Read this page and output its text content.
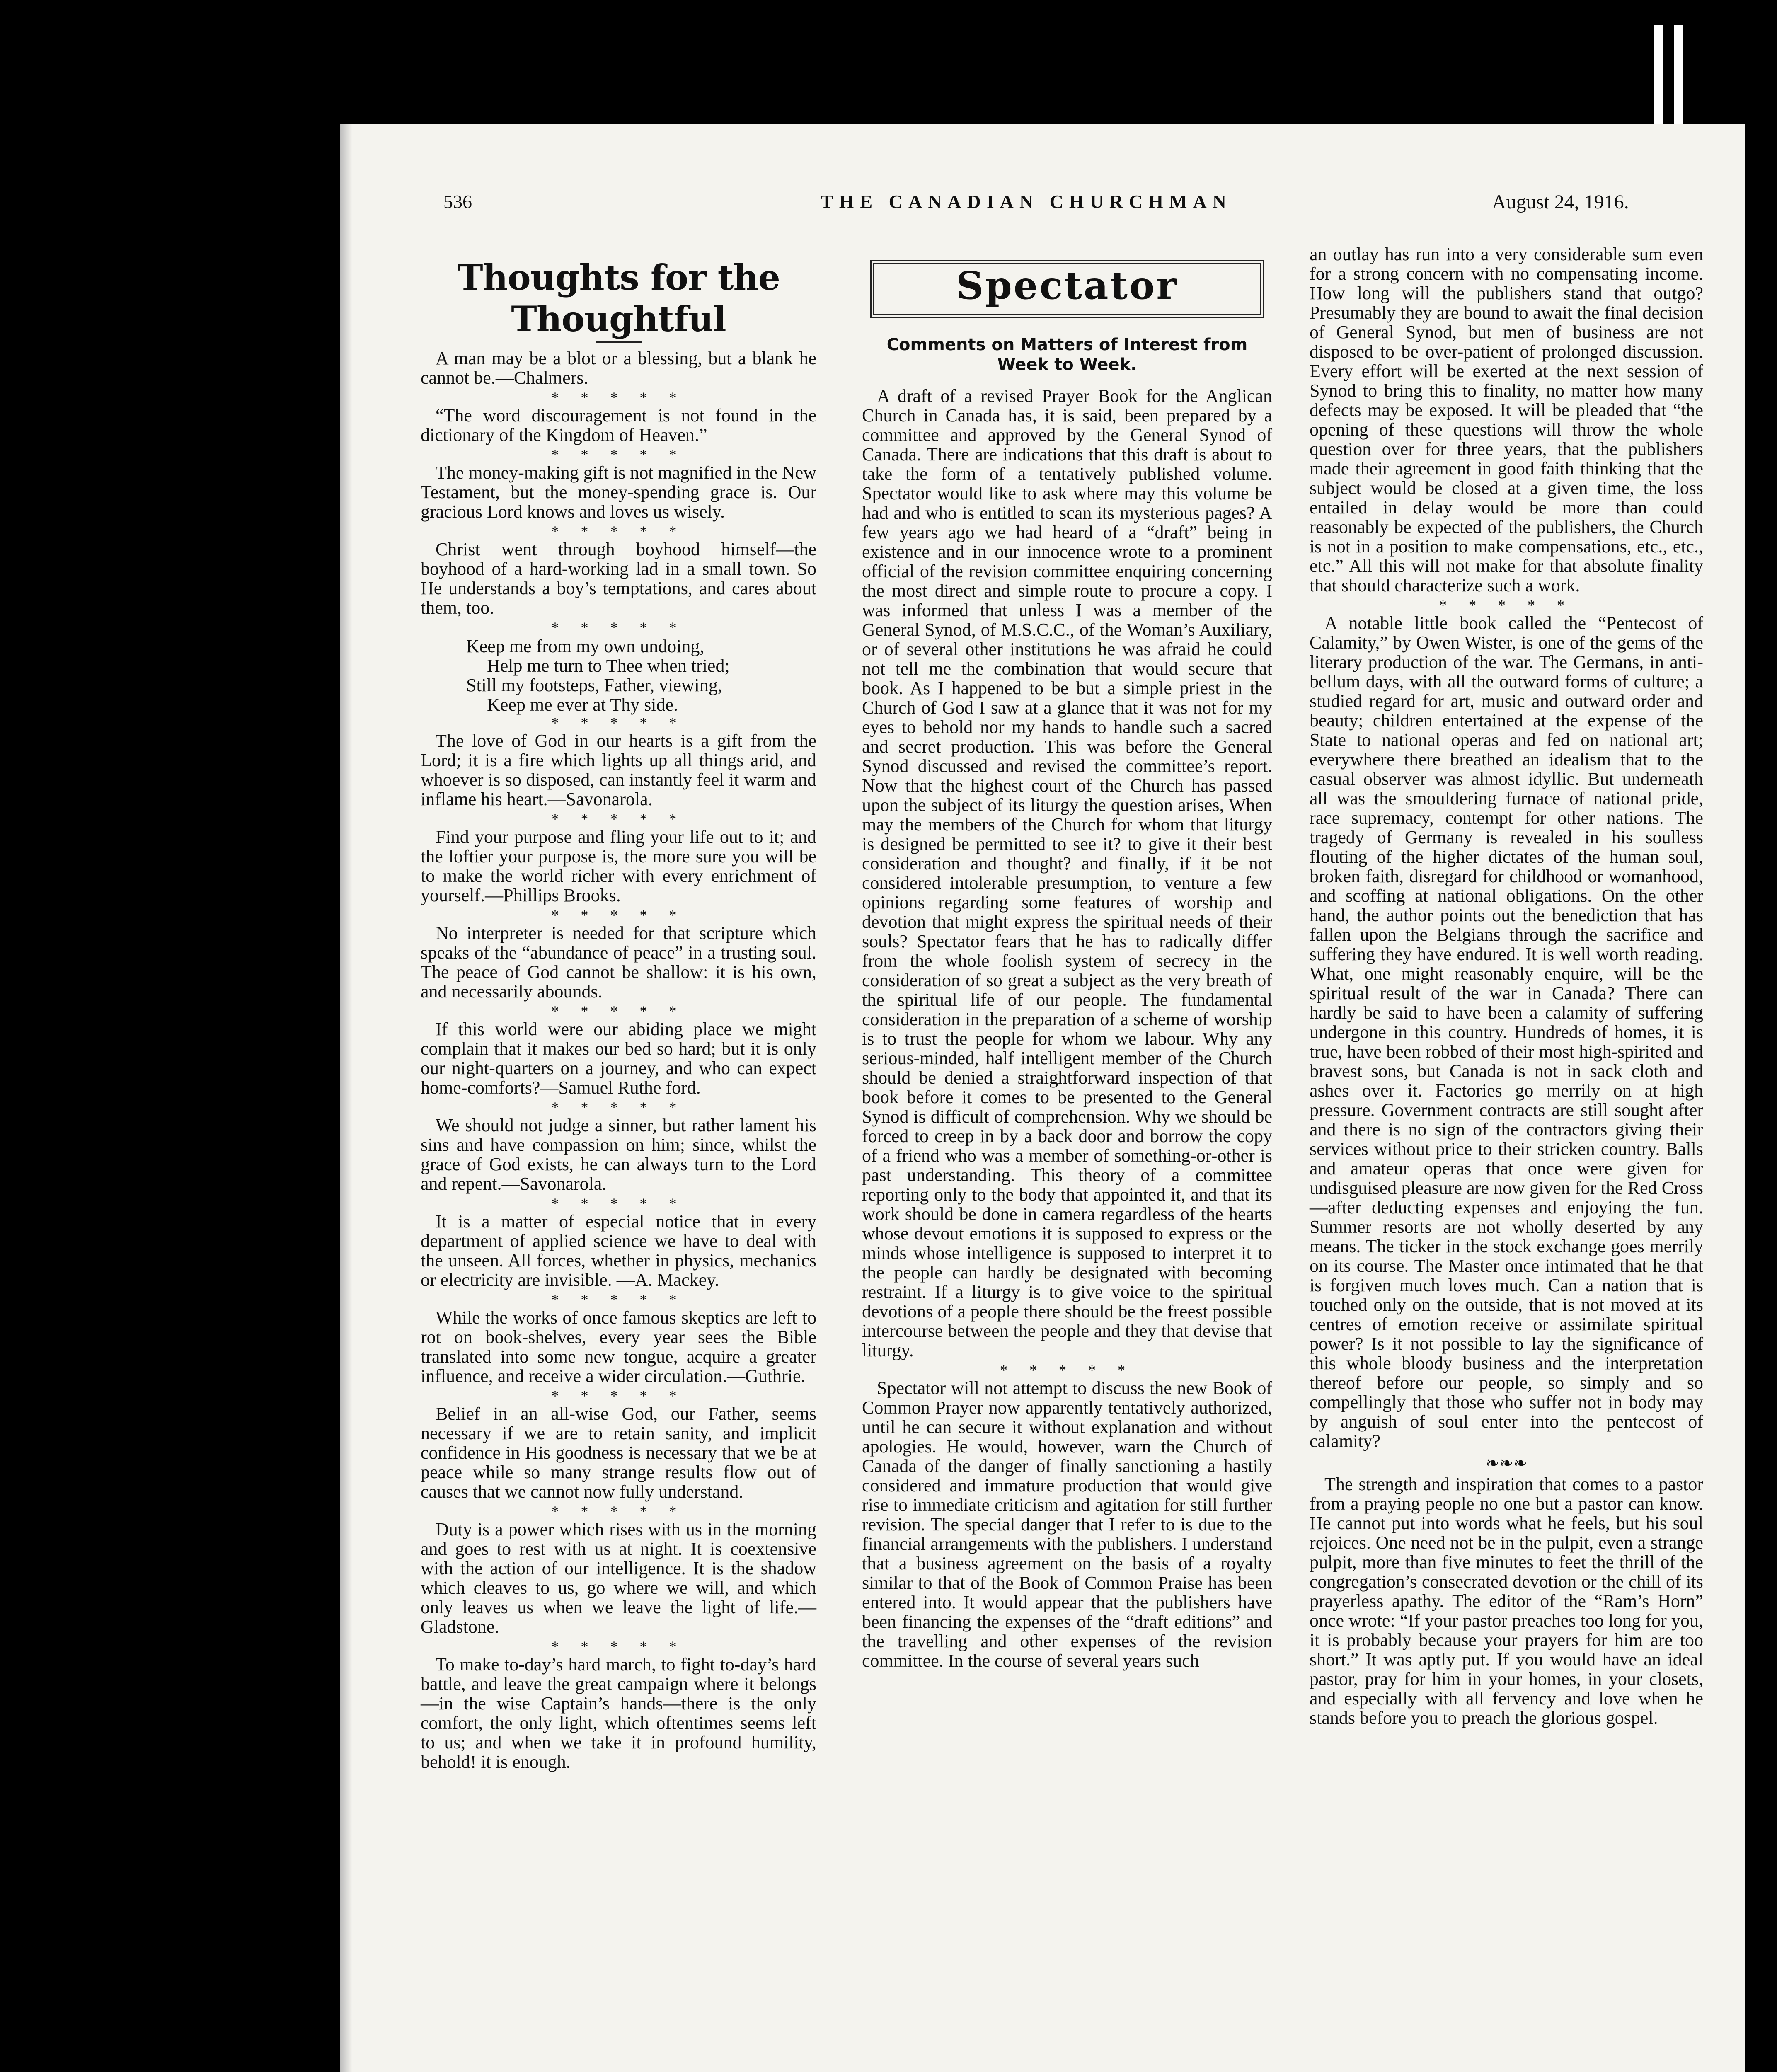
536	THE CANADIAN CHURCHMAN	August 24, 1916.
Thoughts for the Thoughtful

A man may be a blot or a blessing, but a blank he cannot be.—Chalmers.

* * * * *

“The word discouragement is not found in the dictionary of the Kingdom of Heaven.”

* * * * *

The money-making gift is not magnified in the New Testament, but the money-spending grace is. Our gracious Lord knows and loves us wisely.

* * * * *

Christ went through boyhood himself—the boyhood of a hard-working lad in a small town. So He understands a boy’s temptations, and cares about them, too.

* * * * *
Keep me from my own undoing,
Help me turn to Thee when tried;
Still my footsteps, Father, viewing,
Keep me ever at Thy side.
* * * * *

The love of God in our hearts is a gift from the Lord; it is a fire which lights up all things arid, and whoever is so disposed, can instantly feel it warm and inflame his heart.—Savonarola.

* * * * *

Find your purpose and fling your life out to it; and the loftier your purpose is, the more sure you will be to make the world richer with every enrichment of yourself.—Phillips Brooks.

* * * * *

No interpreter is needed for that scripture which speaks of the “abundance of peace” in a trusting soul. The peace of God cannot be shallow: it is his own, and necessarily abounds.

* * * * *

If this world were our abiding place we might complain that it makes our bed so hard; but it is only our night-quarters on a journey, and who can expect home-comforts?—Samuel Ruthe ford.

* * * * *

We should not judge a sinner, but rather lament his sins and have compassion on him; since, whilst the grace of God exists, he can always turn to the Lord and repent.—Savonarola.

* * * * *

It is a matter of especial notice that in every department of applied science we have to deal with the unseen. All forces, whether in physics, mechanics or electricity are invisible. —A. Mackey.

* * * * *

While the works of once famous skeptics are left to rot on book-shelves, every year sees the Bible translated into some new tongue, acquire a greater influence, and receive a wider circulation.—Guthrie.

* * * * *

Belief in an all-wise God, our Father, seems necessary if we are to retain sanity, and implicit confidence in His goodness is necessary that we be at peace while so many strange results flow out of causes that we cannot now fully understand.

* * * * *

Duty is a power which rises with us in the morning and goes to rest with us at night. It is coextensive with the action of our intelligence. It is the shadow which cleaves to us, go where we will, and which only leaves us when we leave the light of life.—Gladstone.

* * * * *

To make to-day’s hard march, to fight to-day’s hard battle, and leave the great campaign where it belongs—in the wise Captain’s hands—there is the only comfort, the only light, which oftentimes seems left to us; and when we take it in profound humility, behold! it is enough.

Spectator
Comments on Matters of Interest from Week to Week.

A draft of a revised Prayer Book for the Anglican Church in Canada has, it is said, been prepared by a committee and approved by the General Synod of Canada. There are indications that this draft is about to take the form of a tentatively published volume. Spectator would like to ask where may this volume be had and who is entitled to scan its mysterious pages? A few years ago we had heard of a “draft” being in existence and in our innocence wrote to a prominent official of the revision committee enquiring concerning the most direct and simple route to procure a copy. I was informed that unless I was a member of the General Synod, of M.S.C.C., of the Woman’s Auxiliary, or of several other institutions he was afraid he could not tell me the combination that would secure that book. As I happened to be but a simple priest in the Church of God I saw at a glance that it was not for my eyes to behold nor my hands to handle such a sacred and secret production. This was before the General Synod discussed and revised the committee’s report. Now that the highest court of the Church has passed upon the subject of its liturgy the question arises, When may the members of the Church for whom that liturgy is designed be permitted to see it? to give it their best consideration and thought? and finally, if it be not considered intolerable presumption, to venture a few opinions regarding some features of worship and devotion that might express the spiritual needs of their souls? Spectator fears that he has to radically differ from the whole foolish system of secrecy in the consideration of so great a subject as the very breath of the spiritual life of our people. The fundamental consideration in the preparation of a scheme of worship is to trust the people for whom we labour. Why any serious-minded, half intelligent member of the Church should be denied a straightforward inspection of that book before it comes to be presented to the General Synod is difficult of comprehension. Why we should be forced to creep in by a back door and borrow the copy of a friend who was a member of something-or-other is past understanding. This theory of a committee reporting only to the body that appointed it, and that its work should be done in camera regardless of the hearts whose devout emotions it is supposed to express or the minds whose intelligence is supposed to interpret it to the people can hardly be designated with becoming restraint. If a liturgy is to give voice to the spiritual devotions of a people there should be the freest possible intercourse between the people and they that devise that liturgy.

* * * * *

Spectator will not attempt to discuss the new Book of Common Prayer now apparently tentatively authorized, until he can secure it without explanation and without apologies. He would, however, warn the Church of Canada of the danger of finally sanctioning a hastily considered and immature production that would give rise to immediate criticism and agitation for still further revision. The special danger that I refer to is due to the financial arrangements with the publishers. I understand that a business agreement on the basis of a royalty similar to that of the Book of Common Praise has been entered into. It would appear that the publishers have been financing the expenses of the “draft editions” and the travelling and other expenses of the revision committee. In the course of several years such

an outlay has run into a very considerable sum even for a strong concern with no compensating income. How long will the publishers stand that outgo? Presumably they are bound to await the final decision of General Synod, but men of business are not disposed to be over-patient of prolonged discussion. Every effort will be exerted at the next session of Synod to bring this to finality, no matter how many defects may be exposed. It will be pleaded that “the opening of these questions will throw the whole question over for three years, that the publishers made their agreement in good faith thinking that the subject would be closed at a given time, the loss entailed in delay would be more than could reasonably be expected of the publishers, the Church is not in a position to make compensations, etc., etc., etc.” All this will not make for that absolute finality that should characterize such a work.

* * * * *

A notable little book called the “Pentecost of Calamity,” by Owen Wister, is one of the gems of the literary production of the war. The Germans, in anti-bellum days, with all the outward forms of culture; a studied regard for art, music and outward order and beauty; children entertained at the expense of the State to national operas and fed on national art; everywhere there breathed an idealism that to the casual observer was almost idyllic. But underneath all was the smouldering furnace of national pride, race supremacy, contempt for other nations. The tragedy of Germany is revealed in his soulless flouting of the higher dictates of the human soul, broken faith, disregard for childhood or womanhood, and scoffing at national obligations. On the other hand, the author points out the benediction that has fallen upon the Belgians through the sacrifice and suffering they have endured. It is well worth reading. What, one might reasonably enquire, will be the spiritual result of the war in Canada? There can hardly be said to have been a calamity of suffering undergone in this country. Hundreds of homes, it is true, have been robbed of their most high-spirited and bravest sons, but Canada is not in sack cloth and ashes over it. Factories go merrily on at high pressure. Government contracts are still sought after and there is no sign of the contractors giving their services without price to their stricken country. Balls and amateur operas that once were given for undisguised pleasure are now given for the Red Cross—after deducting expenses and enjoying the fun. Summer resorts are not wholly deserted by any means. The ticker in the stock exchange goes merrily on its course. The Master once intimated that he that is forgiven much loves much. Can a nation that is touched only on the outside, that is not moved at its centres of emotion receive or assimilate spiritual power? Is it not possible to lay the significance of this whole bloody business and the interpretation thereof before our people, so simply and so compellingly that those who suffer not in body may by anguish of soul enter into the pentecost of calamity?

❧❧❧

The strength and inspiration that comes to a pastor from a praying people no one but a pastor can know. He cannot put into words what he feels, but his soul rejoices. One need not be in the pulpit, even a strange pulpit, more than five minutes to feet the thrill of the congregation’s consecrated devotion or the chill of its prayerless apathy. The editor of the “Ram’s Horn” once wrote: “If your pastor preaches too long for you, it is probably because your prayers for him are too short.” It was aptly put. If you would have an ideal pastor, pray for him in your homes, in your closets, and especially with all fervency and love when he stands before you to preach the glorious gospel.
